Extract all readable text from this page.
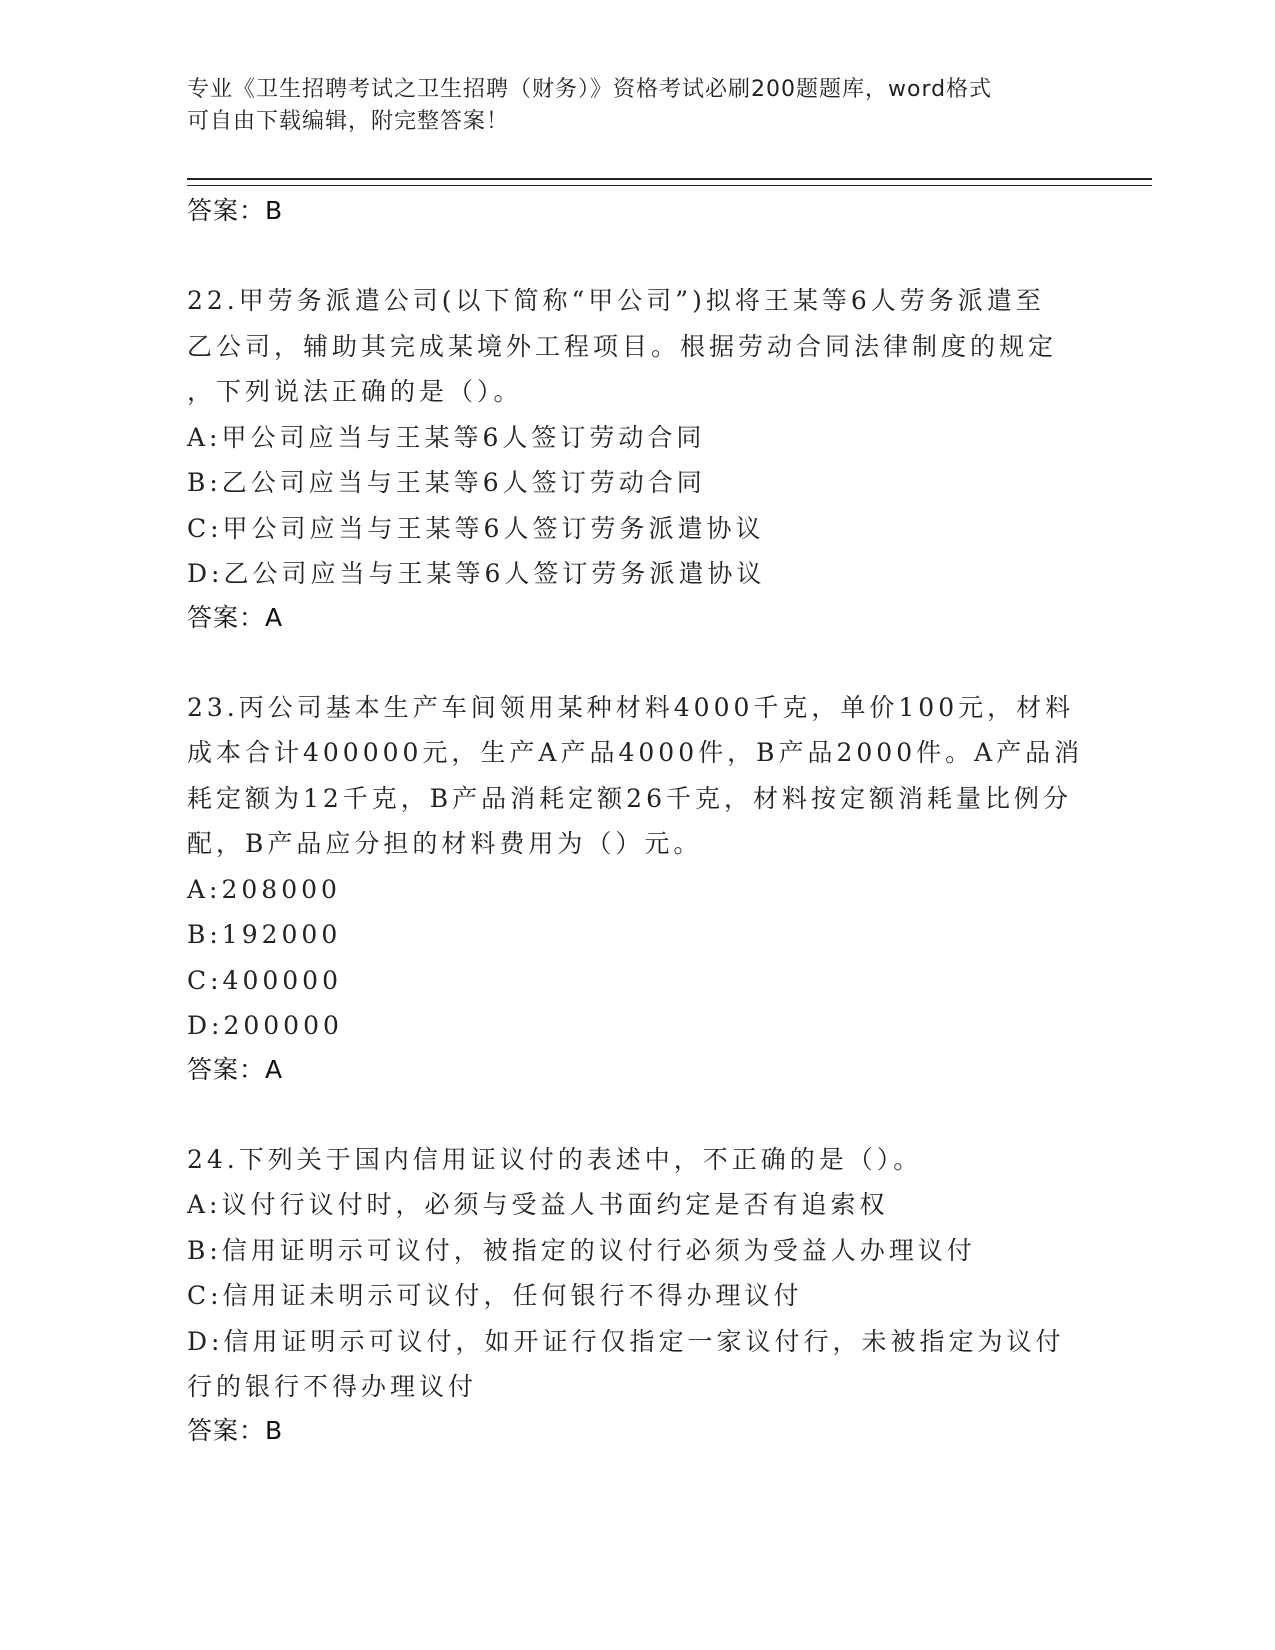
专业《卫生招聘考试之卫生招聘（财务）》资格考试必刷200题题库，word格式
可自由下载编辑，附完整答案！
答案：B

22.甲劳务派遣公司(以下简称“甲公司”)拟将王某等6人劳务派遣至

乙公司，辅助其完成某境外工程项目。根据劳动合同法律制度的规定

，下列说法正确的是（）。

A:甲公司应当与王某等6人签订劳动合同

B:乙公司应当与王某等6人签订劳动合同

C:甲公司应当与王某等6人签订劳务派遣协议

D:乙公司应当与王某等6人签订劳务派遣协议

答案：A

23.丙公司基本生产车间领用某种材料4000千克，单价100元，材料

成本合计400000元，生产A产品4000件，B产品2000件。A产品消

耗定额为12千克，B产品消耗定额26千克，材料按定额消耗量比例分

配，B产品应分担的材料费用为（）元。

A:208000

B:192000

C:400000

D:200000

答案：A

24.下列关于国内信用证议付的表述中，不正确的是（）。

A:议付行议付时，必须与受益人书面约定是否有追索权

B:信用证明示可议付，被指定的议付行必须为受益人办理议付

C:信用证未明示可议付，任何银行不得办理议付

D:信用证明示可议付，如开证行仅指定一家议付行，未被指定为议付

行的银行不得办理议付

答案：B
